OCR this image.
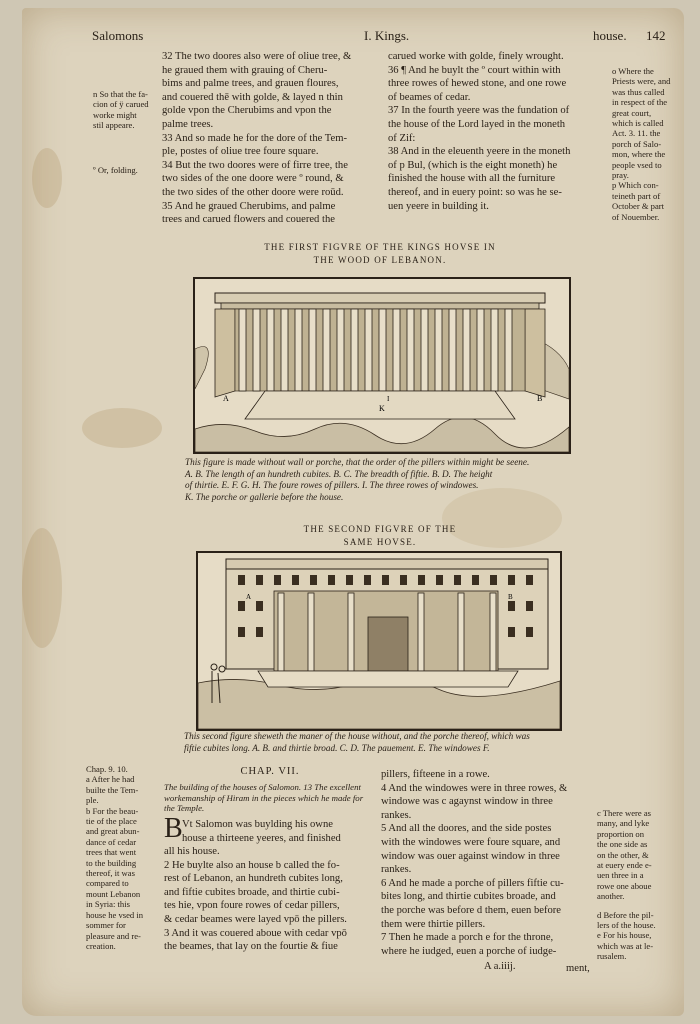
Salomons	I. Kings.	house. 142

n So that the fa-

cion of ÿ carued

worke might

stil appeare.

º Or, folding.

32 The two doores also were of oliue tree, &

he graued them with grauing of Cheru-

bims and palme trees, and grauen floures,

and couered thē with golde, & layed n thin

golde vpon the Cherubims and vpon the

palme trees.

33 And so made he for the dore of the Tem-

ple, postes of oliue tree foure square.

34 But the two doores were of firre tree, the

two sides of the one doore were º round, &

the two sides of the other doore were roūd.

35 And he graued Cherubims, and palme

trees and carued flowers and couered the

carued worke with golde, finely wrought.

36 ¶ And he buylt the º court within with

three rowes of hewed stone, and one rowe

of beames of cedar.

37 In the fourth yeere was the fundation of

the house of the Lord layed in the moneth

of Zif:

38 And in the eleuenth yeere in the moneth

of p Bul, (which is the eight moneth) he

finished the house with all the furniture

thereof, and in euery point: so was he se-

uen yeere in building it.

o Where the

Priests were, and

was thus called

in respect of the

great court,

which is called

Act. 3. 11. the

porch of Salo-

mon, where the

people vsed to

pray.

p Which con-

teineth part of

October & part

of Nouember.

THE FIRST FIGVRE OF THE KINGS HOVSE IN
THE WOOD OF LEBANON.
A	B
K
I
This figure is made without wall or porche, that the order of the pillers within might be seene.
A. B. The length of an hundreth cubites. B. C. The breadth of fiftie. B. D. The height
of thirtie. E. F. G. H. The foure rowes of pillers. I. The three rowes of windowes.
K. The porche or gallerie before the house.
THE SECOND FIGVRE OF THE
SAME HOVSE.
A	B
This second figure sheweth the maner of the house without, and the porche thereof, which was
fiftie cubites long. A. B. and thirtie broad. C. D. The pauement. E. The windowes F.

Chap. 9. 10.

a After he had

builte the Tem-

ple.

b For the beau-

tie of the place

and great abun-

dance of cedar

trees that went

to the building

thereof, it was

compared to

mount Lebanon

in Syria: this

house he vsed in

sommer for

pleasure and re-

creation.

CHAP. VII.
The building of the houses of Salomon. 13 The excellent
workemanship of Hiram in the pieces which he made for
the Temple.
B Vt Salomon was buylding his owne

house a thirteene yeeres, and finished

all his house.

2 He buylte also an house b called the fo-

rest of Lebanon, an hundreth cubites long,

and fiftie cubites broade, and thirtie cubi-

tes hie, vpon foure rowes of cedar pillers,

& cedar beames were layed vpō the pillers.

3 And it was couered aboue with cedar vpō

the beames, that lay on the fourtie & fiue

pillers, fifteene in a rowe.

4 And the windowes were in three rowes, &

windowe was c agaynst window in three

rankes.

5 And all the doores, and the side postes

with the windowes were foure square, and

window was ouer against window in three

rankes.

6 And he made a porche of pillers fiftie cu-

bites long, and thirtie cubites broade, and

the porche was before d them, euen before

them were thirtie pillers.

7 Then he made a porch e for the throne,

where he iudged, euen a porche of iudge-

A a.iiij.	ment,

c There were as

many, and lyke

proportion on

the one side as

on the other, &

at euery ende e-

uen three in a

rowe one aboue

another.

d Before the pil-

lers of the house.

e For his house,

which was at le-

rusalem.
